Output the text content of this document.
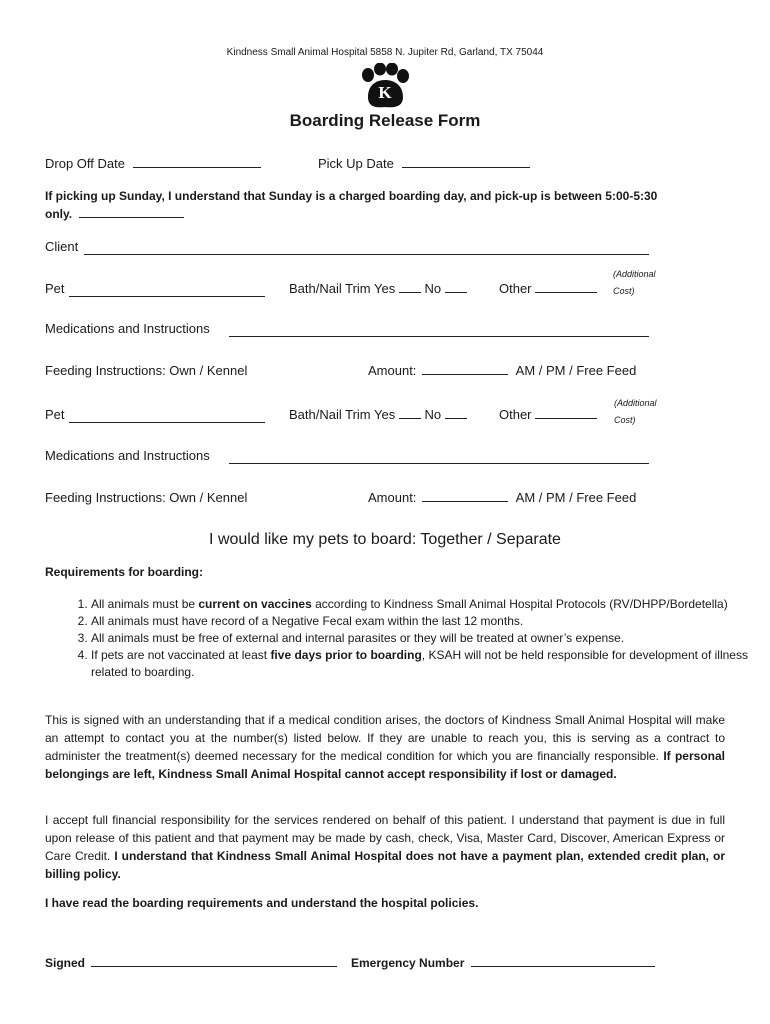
Kindness Small Animal Hospital 5858 N. Jupiter Rd, Garland, TX 75044
K
Boarding Release Form
Drop Off Date	Pick Up Date
If picking up Sunday, I understand that Sunday is a charged boarding day, and pick-up is between 5:00-5:30
only.
Client
Pet	Bath/Nail Trim Yes No	Other
(Additional
Cost)
Medications and Instructions
Feeding Instructions: Own / Kennel	Amount:	AM / PM / Free Feed
Pet	Bath/Nail Trim Yes No	Other
(Additional
Cost)
Medications and Instructions
Feeding Instructions: Own / Kennel	Amount:	AM / PM / Free Feed
I would like my pets to board: Together / Separate
Requirements for boarding:
1. All animals must be current on vaccines according to Kindness Small Animal Hospital Protocols (RV/DHPP/Bordetella)
2. All animals must have record of a Negative Fecal exam within the last 12 months.
3. All animals must be free of external and internal parasites or they will be treated at owner’s expense.
4. If pets are not vaccinated at least five days prior to boarding, KSAH will not be held responsible for development of illness related to boarding.
This is signed with an understanding that if a medical condition arises, the doctors of Kindness Small Animal Hospital will make an attempt to contact you at the number(s) listed below. If they are unable to reach you, this is serving as a contract to administer the treatment(s) deemed necessary for the medical condition for which you are financially responsible. If personal belongings are left, Kindness Small Animal Hospital cannot accept responsibility if lost or damaged.
I accept full financial responsibility for the services rendered on behalf of this patient. I understand that payment is due in full upon release of this patient and that payment may be made by cash, check, Visa, Master Card, Discover, American Express or Care Credit. I understand that Kindness Small Animal Hospital does not have a payment plan, extended credit plan, or billing policy.
I have read the boarding requirements and understand the hospital policies.
Signed	Emergency Number
